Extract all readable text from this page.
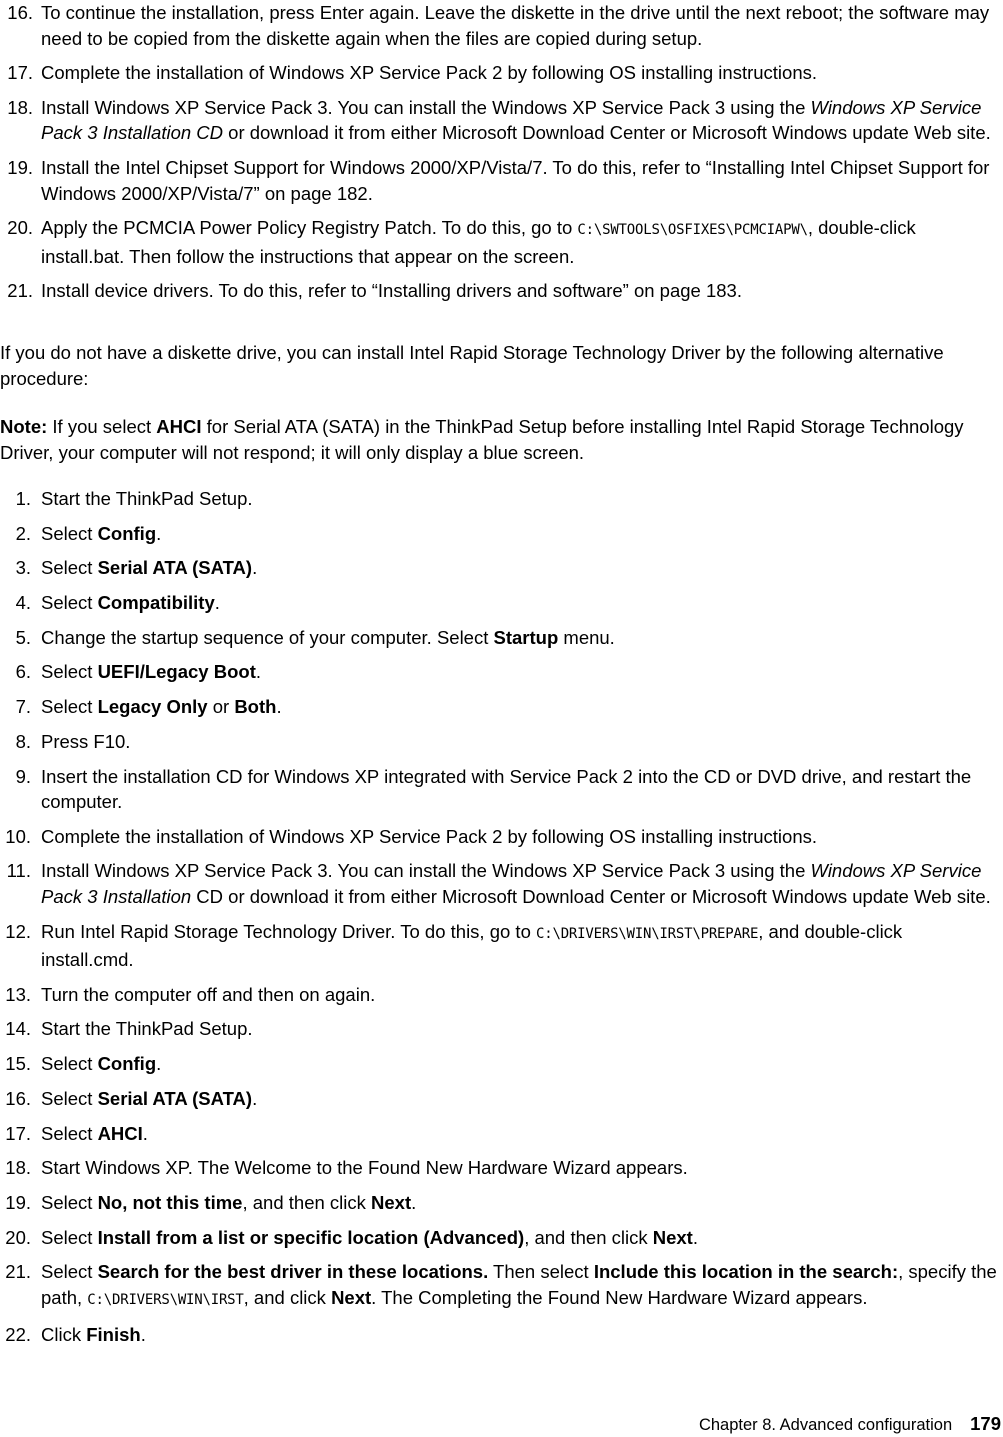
16. To continue the installation, press Enter again. Leave the diskette in the drive until the next reboot; the software may need to be copied from the diskette again when the files are copied during setup.
17. Complete the installation of Windows XP Service Pack 2 by following OS installing instructions.
18. Install Windows XP Service Pack 3. You can install the Windows XP Service Pack 3 using the Windows XP Service Pack 3 Installation CD or download it from either Microsoft Download Center or Microsoft Windows update Web site.
19. Install the Intel Chipset Support for Windows 2000/XP/Vista/7. To do this, refer to “Installing Intel Chipset Support for Windows 2000/XP/Vista/7” on page 182.
20. Apply the PCMCIA Power Policy Registry Patch. To do this, go to C:\SWTOOLS\OSFIXES\PCMCIAPW\, double-click install.bat. Then follow the instructions that appear on the screen.
21. Install device drivers. To do this, refer to “Installing drivers and software” on page 183.

If you do not have a diskette drive, you can install Intel Rapid Storage Technology Driver by the following alternative procedure:

Note: If you select AHCI for Serial ATA (SATA) in the ThinkPad Setup before installing Intel Rapid Storage Technology Driver, your computer will not respond; it will only display a blue screen.

1. Start the ThinkPad Setup.
2. Select Config.
3. Select Serial ATA (SATA).
4. Select Compatibility.
5. Change the startup sequence of your computer. Select Startup menu.
6. Select UEFI/Legacy Boot.
7. Select Legacy Only or Both.
8. Press F10.
9. Insert the installation CD for Windows XP integrated with Service Pack 2 into the CD or DVD drive, and restart the computer.
10. Complete the installation of Windows XP Service Pack 2 by following OS installing instructions.
11. Install Windows XP Service Pack 3. You can install the Windows XP Service Pack 3 using the Windows XP Service Pack 3 Installation CD or download it from either Microsoft Download Center or Microsoft Windows update Web site.
12. Run Intel Rapid Storage Technology Driver. To do this, go to C:\DRIVERS\WIN\IRST\PREPARE, and double-click install.cmd.
13. Turn the computer off and then on again.
14. Start the ThinkPad Setup.
15. Select Config.
16. Select Serial ATA (SATA).
17. Select AHCI.
18. Start Windows XP. The Welcome to the Found New Hardware Wizard appears.
19. Select No, not this time, and then click Next.
20. Select Install from a list or specific location (Advanced), and then click Next.
21. Select Search for the best driver in these locations. Then select Include this location in the search:, specify the path, C:\DRIVERS\WIN\IRST, and click Next. The Completing the Found New Hardware Wizard appears.
22. Click Finish.
Chapter 8. Advanced configuration 179
